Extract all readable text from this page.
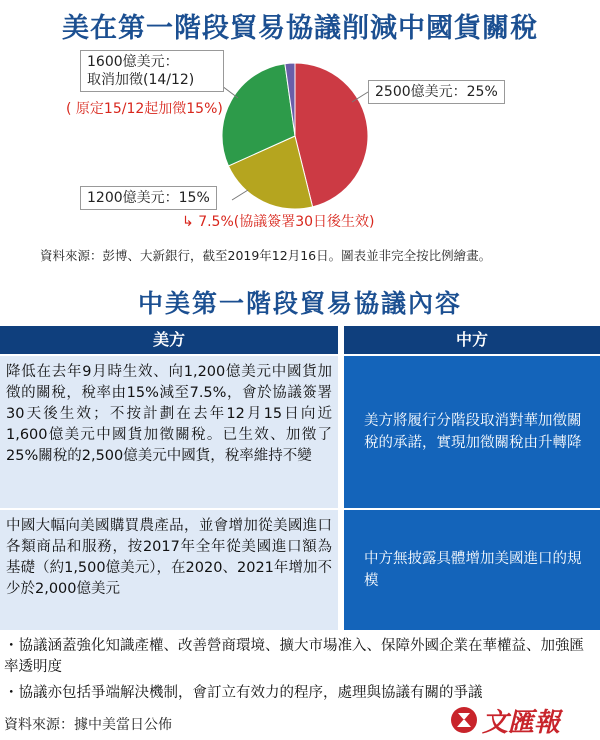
美在第一階段貿易協議削減中國貨關稅
1600億美元：
取消加徵(14/12)
( 原定15/12起加徵15%)
2500億美元：25%
1200億美元：15%
↳ 7.5%(協議簽署30日後生效)
資料來源：彭博、大新銀行，截至2019年12月16日。圖表並非完全按比例繪畫。
中美第一階段貿易協議內容
美方	中方
降低在去年9月時生效、向1,200億美元中國貨加徵的關稅，稅率由15%減至7.5%，會於協議簽署30天後生效；不按計劃在去年12月15日向近1,600億美元中國貨加徵關稅。已生效、加徵了25%關稅的2,500億美元中國貨，稅率維持不變
美方將履行分階段取消對華加徵關稅的承諾，實現加徵關稅由升轉降
中國大幅向美國購買農產品，並會增加從美國進口各類商品和服務，按2017年全年從美國進口額為基礎（約1,500億美元），在2020、2021年增加不少於2,000億美元
中方無披露具體增加美國進口的規模
・協議涵蓋強化知識產權、改善營商環境、擴大市場准入、保障外國企業在華權益、加強匯率透明度
・協議亦包括爭端解決機制，會訂立有效力的程序，處理與協議有關的爭議
資料來源：據中美當日公佈	文匯報
